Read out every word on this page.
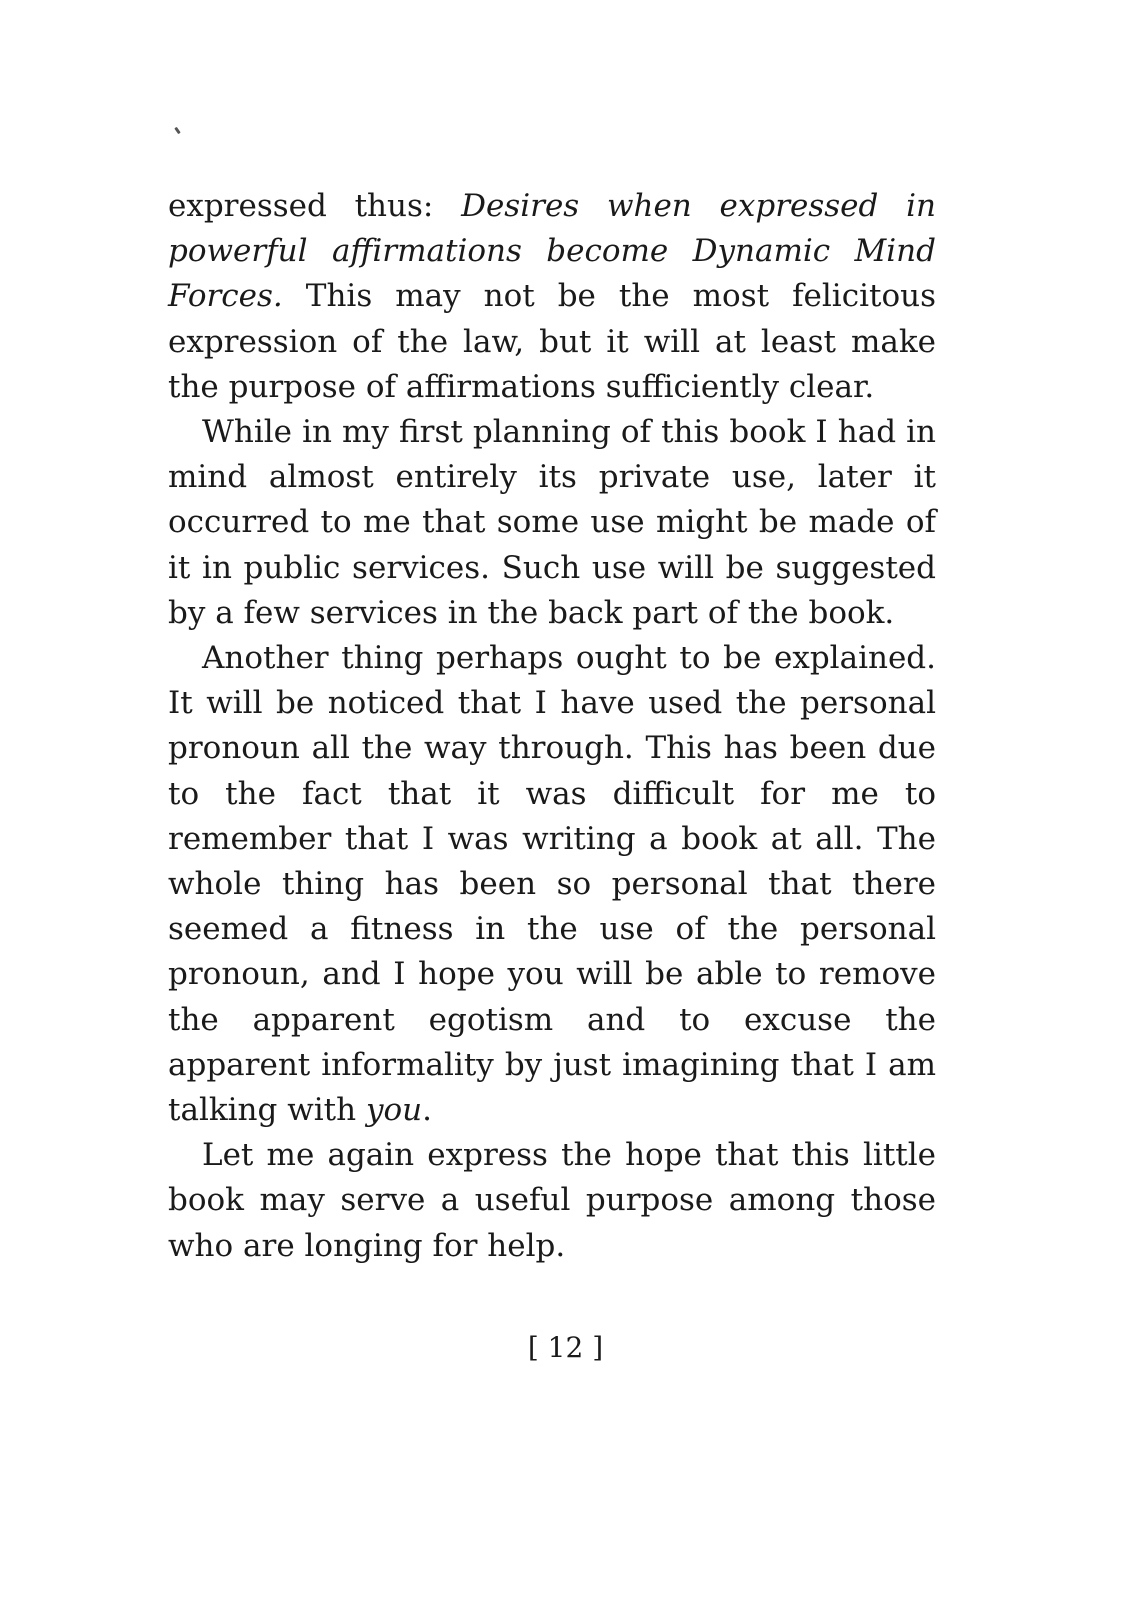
expressed thus: Desires when expressed in powerful affirmations become Dynamic Mind Forces. This may not be the most felicitous expression of the law, but it will at least make the purpose of affirmations sufficiently clear.

While in my first planning of this book I had in mind almost entirely its private use, later it occurred to me that some use might be made of it in public services. Such use will be suggested by a few services in the back part of the book.

Another thing perhaps ought to be explained. It will be noticed that I have used the personal pronoun all the way through. This has been due to the fact that it was difficult for me to remember that I was writing a book at all. The whole thing has been so personal that there seemed a fitness in the use of the personal pronoun, and I hope you will be able to remove the apparent egotism and to excuse the apparent informality by just imagining that I am talking with you.

Let me again express the hope that this little book may serve a useful purpose among those who are longing for help.

[ 12 ]
